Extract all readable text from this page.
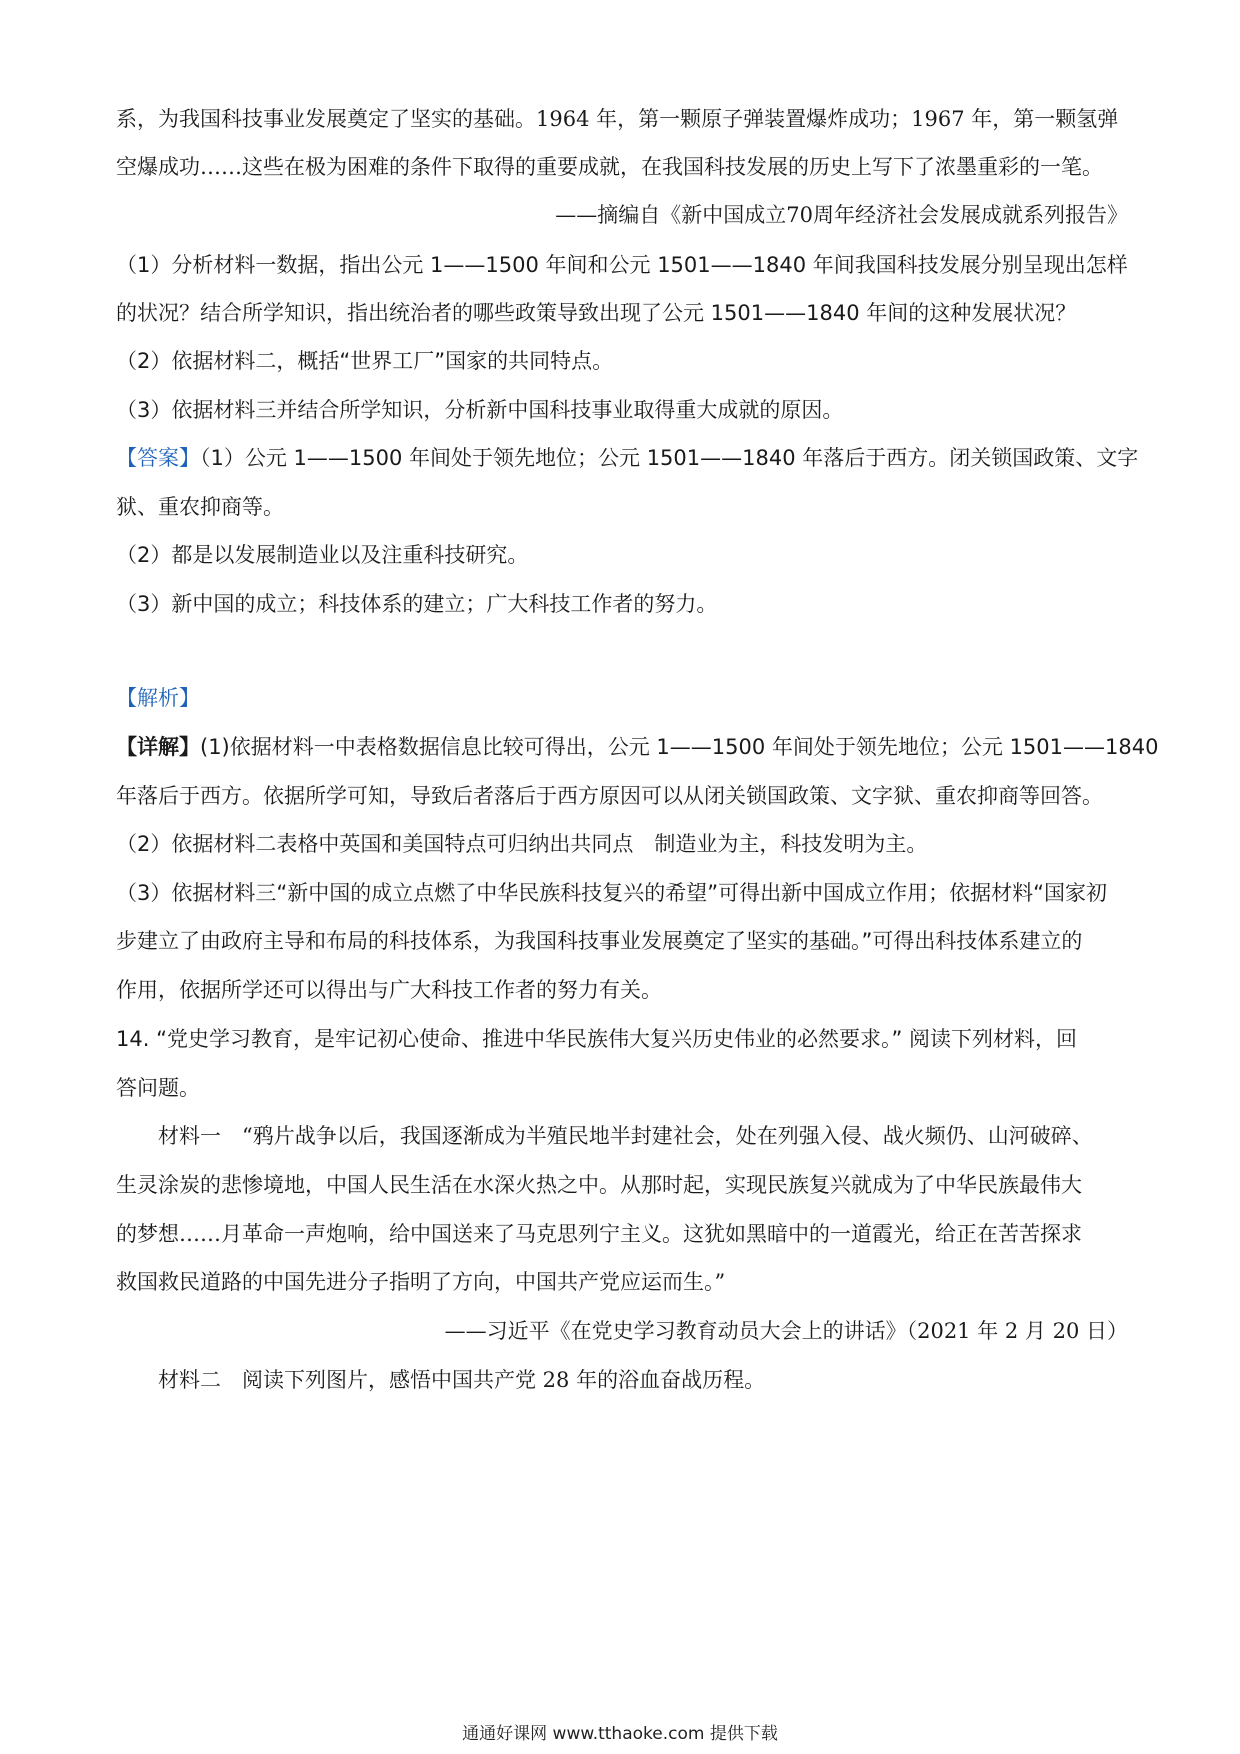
系，为我国科技事业发展奠定了坚实的基础。1964 年，第一颗原子弹装置爆炸成功；1967 年，第一颗氢弹
空爆成功……这些在极为困难的条件下取得的重要成就，在我国科技发展的历史上写下了浓墨重彩的一笔。
——摘编自《新中国成立70周年经济社会发展成就系列报告》
（1）分析材料一数据，指出公元 1——1500 年间和公元 1501——1840 年间我国科技发展分别呈现出怎样
的状况？结合所学知识，指出统治者的哪些政策导致出现了公元 1501——1840 年间的这种发展状况？
（2）依据材料二，概括“世界工厂”国家的共同特点。
（3）依据材料三并结合所学知识，分析新中国科技事业取得重大成就的原因。
【答案】（1）公元 1——1500 年间处于领先地位；公元 1501——1840 年落后于西方。闭关锁国政策、文字
狱、重农抑商等。
（2）都是以发展制造业以及注重科技研究。
（3）新中国的成立；科技体系的建立；广大科技工作者的努力。
【解析】
【详解】(1)依据材料一中表格数据信息比较可得出，公元 1——1500 年间处于领先地位；公元 1501——1840
年落后于西方。依据所学可知，导致后者落后于西方原因可以从闭关锁国政策、文字狱、重农抑商等回答。
（2）依据材料二表格中英国和美国特点可归纳出共同点　制造业为主，科技发明为主。
（3）依据材料三“新中国的成立点燃了中华民族科技复兴的希望”可得出新中国成立作用；依据材料“国家初
步建立了由政府主导和布局的科技体系，为我国科技事业发展奠定了坚实的基础。”可得出科技体系建立的
作用，依据所学还可以得出与广大科技工作者的努力有关。
14. “党史学习教育，是牢记初心使命、推进中华民族伟大复兴历史伟业的必然要求。” 阅读下列材料，回
答问题。
材料一　“鸦片战争以后，我国逐渐成为半殖民地半封建社会，处在列强入侵、战火频仍、山河破碎、
生灵涂炭的悲惨境地，中国人民生活在水深火热之中。从那时起，实现民族复兴就成为了中华民族最伟大
的梦想……月革命一声炮响，给中国送来了马克思列宁主义。这犹如黑暗中的一道霞光，给正在苦苦探求
救国救民道路的中国先进分子指明了方向，中国共产党应运而生。”
——习近平《在党史学习教育动员大会上的讲话》（2021 年 2 月 20 日）
材料二　阅读下列图片，感悟中国共产党 28 年的浴血奋战历程。
通通好课网 www.tthaoke.com 提供下载
